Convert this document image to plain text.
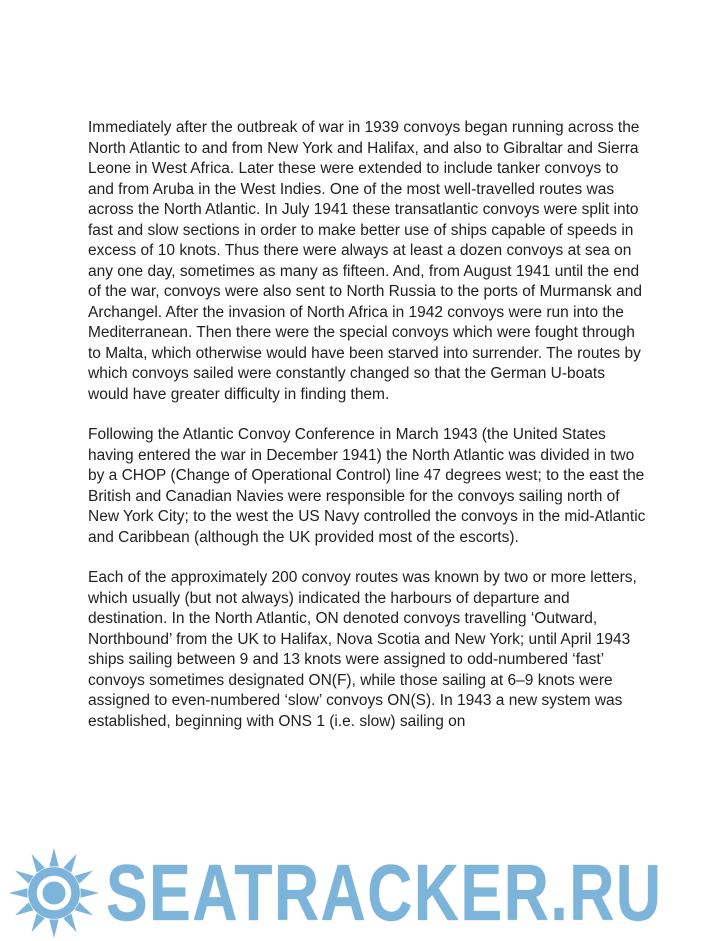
Immediately after the outbreak of war in 1939 convoys began running across the North Atlantic to and from New York and Halifax, and also to Gibraltar and Sierra Leone in West Africa. Later these were extended to include tanker convoys to and from Aruba in the West Indies. One of the most well-travelled routes was across the North Atlantic. In July 1941 these transatlantic convoys were split into fast and slow sections in order to make better use of ships capable of speeds in excess of 10 knots. Thus there were always at least a dozen convoys at sea on any one day, sometimes as many as fifteen. And, from August 1941 until the end of the war, convoys were also sent to North Russia to the ports of Murmansk and Archangel. After the invasion of North Africa in 1942 convoys were run into the Mediterranean. Then there were the special convoys which were fought through to Malta, which otherwise would have been starved into surrender. The routes by which convoys sailed were constantly changed so that the German U-boats would have greater difficulty in finding them.

Following the Atlantic Convoy Conference in March 1943 (the United States having entered the war in December 1941) the North Atlantic was divided in two by a CHOP (Change of Operational Control) line 47 degrees west; to the east the British and Canadian Navies were responsible for the convoys sailing north of New York City; to the west the US Navy controlled the convoys in the mid-Atlantic and Caribbean (although the UK provided most of the escorts).

Each of the approximately 200 convoy routes was known by two or more letters, which usually (but not always) indicated the harbours of departure and destination. In the North Atlantic, ON denoted convoys travelling ‘Outward, Northbound’ from the UK to Halifax, Nova Scotia and New York; until April 1943 ships sailing between 9 and 13 knots were assigned to odd-numbered ‘fast’ convoys sometimes designated ON(F), while those sailing at 6–9 knots were assigned to even-numbered ‘slow’ convoys ON(S). In 1943 a new system was established, beginning with ONS 1 (i.e. slow) sailing on

SEATRACKER.RU
